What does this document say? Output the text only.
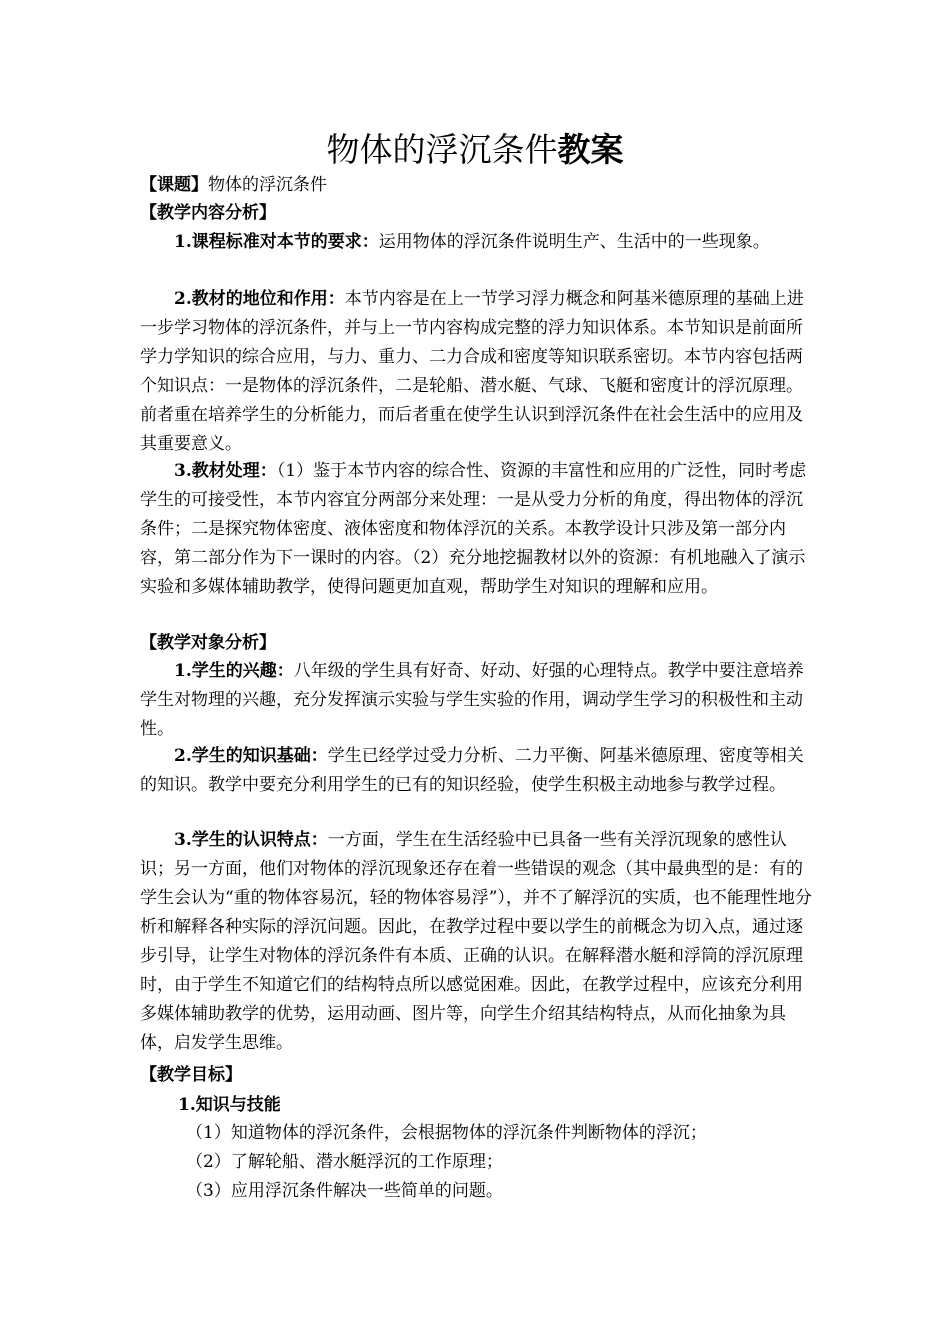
物体的浮沉条件教案
【课题】物体的浮沉条件
【教学内容分析】
1.课程标准对本节的要求：运用物体的浮沉条件说明生产、生活中的一些现象。
2.教材的地位和作用：本节内容是在上一节学习浮力概念和阿基米德原理的基础上进一步学习物体的浮沉条件，并与上一节内容构成完整的浮力知识体系。本节知识是前面所学力学知识的综合应用，与力、重力、二力合成和密度等知识联系密切。本节内容包括两个知识点：一是物体的浮沉条件，二是轮船、潜水艇、气球、飞艇和密度计的浮沉原理。前者重在培养学生的分析能力，而后者重在使学生认识到浮沉条件在社会生活中的应用及其重要意义。
3.教材处理：（1）鉴于本节内容的综合性、资源的丰富性和应用的广泛性，同时考虑学生的可接受性，本节内容宜分两部分来处理：一是从受力分析的角度，得出物体的浮沉条件；二是探究物体密度、液体密度和物体浮沉的关系。本教学设计只涉及第一部分内容，第二部分作为下一课时的内容。（2）充分地挖掘教材以外的资源：有机地融入了演示实验和多媒体辅助教学，使得问题更加直观，帮助学生对知识的理解和应用。
【教学对象分析】
1.学生的兴趣：八年级的学生具有好奇、好动、好强的心理特点。教学中要注意培养学生对物理的兴趣，充分发挥演示实验与学生实验的作用，调动学生学习的积极性和主动性。
2.学生的知识基础：学生已经学过受力分析、二力平衡、阿基米德原理、密度等相关的知识。教学中要充分利用学生的已有的知识经验，使学生积极主动地参与教学过程。
3.学生的认识特点：一方面，学生在生活经验中已具备一些有关浮沉现象的感性认识；另一方面，他们对物体的浮沉现象还存在着一些错误的观念（其中最典型的是：有的学生会认为“重的物体容易沉，轻的物体容易浮”），并不了解浮沉的实质，也不能理性地分析和解释各种实际的浮沉问题。因此，在教学过程中要以学生的前概念为切入点，通过逐步引导，让学生对物体的浮沉条件有本质、正确的认识。在解释潜水艇和浮筒的浮沉原理时，由于学生不知道它们的结构特点所以感觉困难。因此，在教学过程中，应该充分利用多媒体辅助教学的优势，运用动画、图片等，向学生介绍其结构特点，从而化抽象为具体，启发学生思维。
【教学目标】
1.知识与技能
（1）知道物体的浮沉条件，会根据物体的浮沉条件判断物体的浮沉；
（2）了解轮船、潜水艇浮沉的工作原理；
（3）应用浮沉条件解决一些简单的问题。
